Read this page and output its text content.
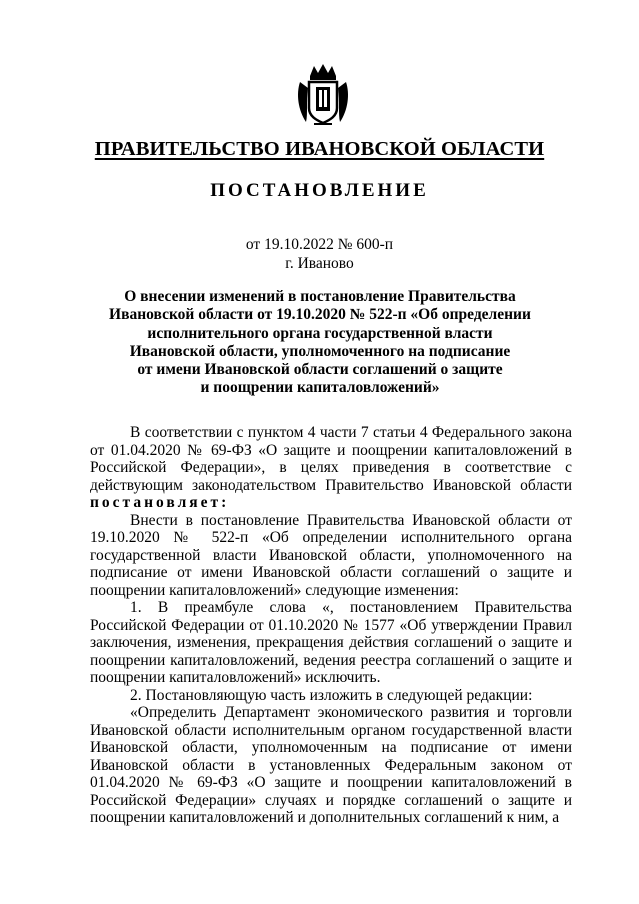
ПРАВИТЕЛЬСТВО ИВАНОВСКОЙ ОБЛАСТИ
ПОСТАНОВЛЕНИЕ
от 19.10.2022 № 600-п
г. Иваново
О внесении изменений в постановление Правительства
Ивановской области от 19.10.2020 № 522-п «Об определении
исполнительного органа государственной власти
Ивановской области, уполномоченного на подписание
от имени Ивановской области соглашений о защите
и поощрении капиталовложений»

В соответствии с пунктом 4 части 7 статьи 4 Федерального закона от 01.04.2020 № 69-ФЗ «О защите и поощрении капиталовложений в Российской Федерации», в целях приведения в соответствие с действующим законодательством Правительство Ивановской области постановляет:

Внести в постановление Правительства Ивановской области от 19.10.2020 № 522-п «Об определении исполнительного органа государственной власти Ивановской области, уполномоченного на подписание от имени Ивановской области соглашений о защите и поощрении капиталовложений» следующие изменения:

1. В преамбуле слова «, постановлением Правительства Российской Федерации от 01.10.2020 № 1577 «Об утверждении Правил заключения, изменения, прекращения действия соглашений о защите и поощрении капиталовложений, ведения реестра соглашений о защите и поощрении капиталовложений» исключить.

2. Постановляющую часть изложить в следующей редакции:

«Определить Департамент экономического развития и торговли Ивановской области исполнительным органом государственной власти Ивановской области, уполномоченным на подписание от имени Ивановской области в установленных Федеральным законом от 01.04.2020 № 69-ФЗ «О защите и поощрении капиталовложений в Российской Федерации» случаях и порядке соглашений о защите и поощрении капиталовложений и дополнительных соглашений к ним, а
